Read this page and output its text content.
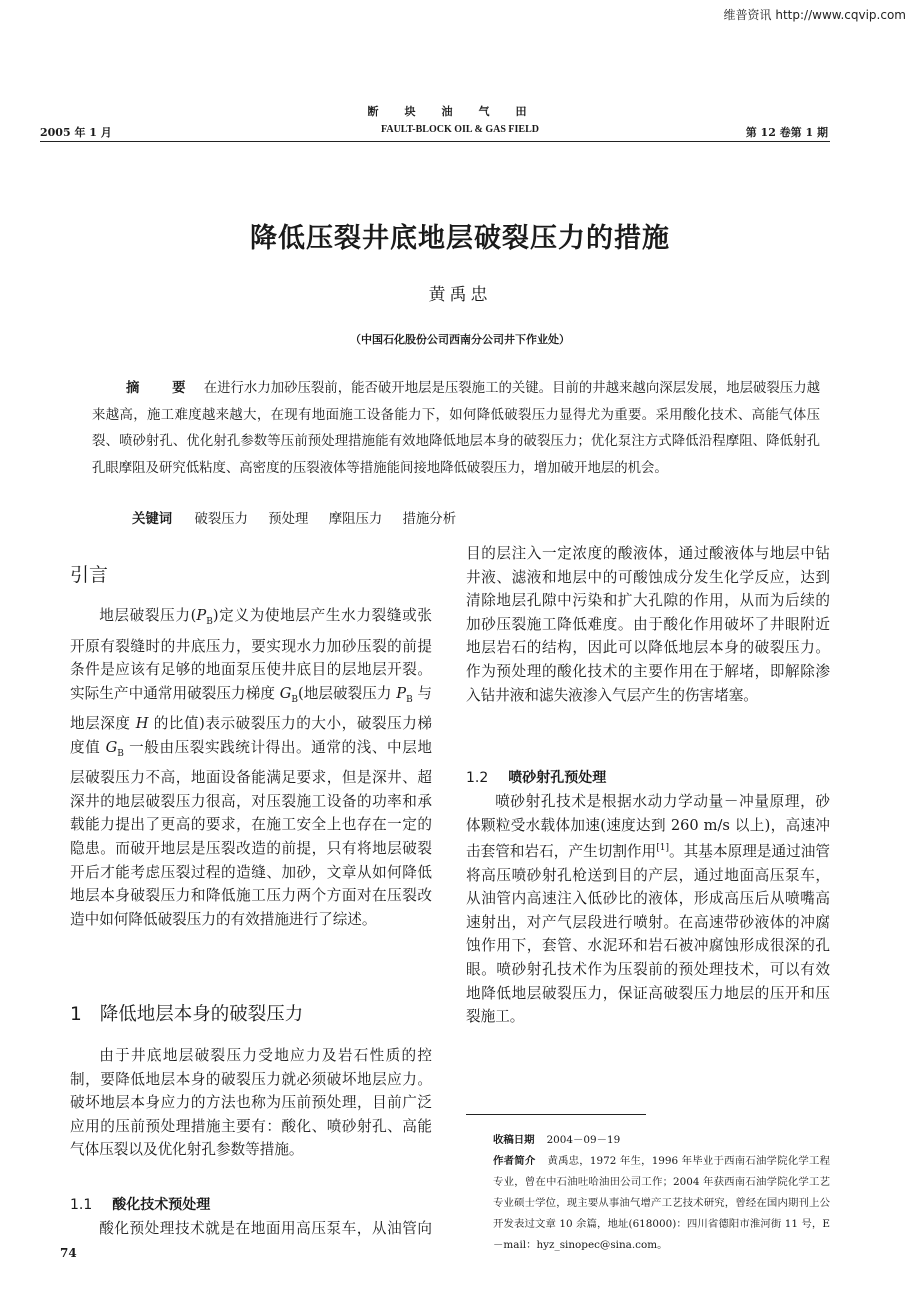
维普资讯 http://www.cqvip.com
2005 年 1 月
断块油气田
FAULT-BLOCK OIL & GAS FIELD	第 12 卷第 1 期
降低压裂井底地层破裂压力的措施
黄禹忠
（中国石化股份公司西南分公司井下作业处）
摘 要 在进行水力加砂压裂前，能否破开地层是压裂施工的关键。目前的井越来越向深层发展，地层破裂压力越来越高，施工难度越来越大，在现有地面施工设备能力下，如何降低破裂压力显得尤为重要。采用酸化技术、高能气体压裂、喷砂射孔、优化射孔参数等压前预处理措施能有效地降低地层本身的破裂压力；优化泵注方式降低沿程摩阻、降低射孔孔眼摩阻及研究低粘度、高密度的压裂液体等措施能间接地降低破裂压力，增加破开地层的机会。
关键词 破裂压力 预处理 摩阻压力 措施分析
引言

地层破裂压力$(P_B)$定义为使地层产生水力裂缝或张开原有裂缝时的井底压力，要实现水力加砂压裂的前提条件是应该有足够的地面泵压使井底目的层地层开裂。实际生产中通常用破裂压力梯度 $G_B$(地层破裂压力 $P_B$ 与地层深度 H 的比值)表示破裂压力的大小，破裂压力梯度值 $G_B$ 一般由压裂实践统计得出。通常的浅、中层地层破裂压力不高，地面设备能满足要求，但是深井、超深井的地层破裂压力很高，对压裂施工设备的功率和承载能力提出了更高的要求，在施工安全上也存在一定的隐患。而破开地层是压裂改造的前提，只有将地层破裂开后才能考虑压裂过程的造缝、加砂，文章从如何降低地层本身破裂压力和降低施工压力两个方面对在压裂改造中如何降低破裂压力的有效措施进行了综述。

1 降低地层本身的破裂压力

由于井底地层破裂压力受地应力及岩石性质的控制，要降低地层本身的破裂压力就必须破坏地层应力。破坏地层本身应力的方法也称为压前预处理，目前广泛应用的压前预处理措施主要有：酸化、喷砂射孔、高能气体压裂以及优化射孔参数等措施。

1.1 酸化技术预处理

酸化预处理技术就是在地面用高压泵车，从油管向

目的层注入一定浓度的酸液体，通过酸液体与地层中钻井液、滤液和地层中的可酸蚀成分发生化学反应，达到清除地层孔隙中污染和扩大孔隙的作用，从而为后续的加砂压裂施工降低难度。由于酸化作用破坏了井眼附近地层岩石的结构，因此可以降低地层本身的破裂压力。作为预处理的酸化技术的主要作用在于解堵，即解除渗入钻井液和滤失液渗入气层产生的伤害堵塞。

1.2 喷砂射孔预处理

喷砂射孔技术是根据水动力学动量－冲量原理，砂体颗粒受水载体加速(速度达到 260 m/s 以上)，高速冲击套管和岩石，产生切割作用[1]。其基本原理是通过油管将高压喷砂射孔枪送到目的产层，通过地面高压泵车，从油管内高速注入低砂比的液体，形成高压后从喷嘴高速射出，对产气层段进行喷射。在高速带砂液体的冲腐蚀作用下，套管、水泥环和岩石被冲腐蚀形成很深的孔眼。喷砂射孔技术作为压裂前的预处理技术，可以有效地降低地层破裂压力，保证高破裂压力地层的压开和压裂施工。

收稿日期 2004－09－19
作者简介 黄禹忠，1972 年生，1996 年毕业于西南石油学院化学工程专业，曾在中石油吐哈油田公司工作；2004 年获西南石油学院化学工艺专业硕士学位，现主要从事油气增产工艺技术研究，曾经在国内期刊上公开发表过文章 10 余篇，地址(618000)：四川省德阳市淮河街 11 号，E－mail：hyz_sinopec@sina.com。
74
